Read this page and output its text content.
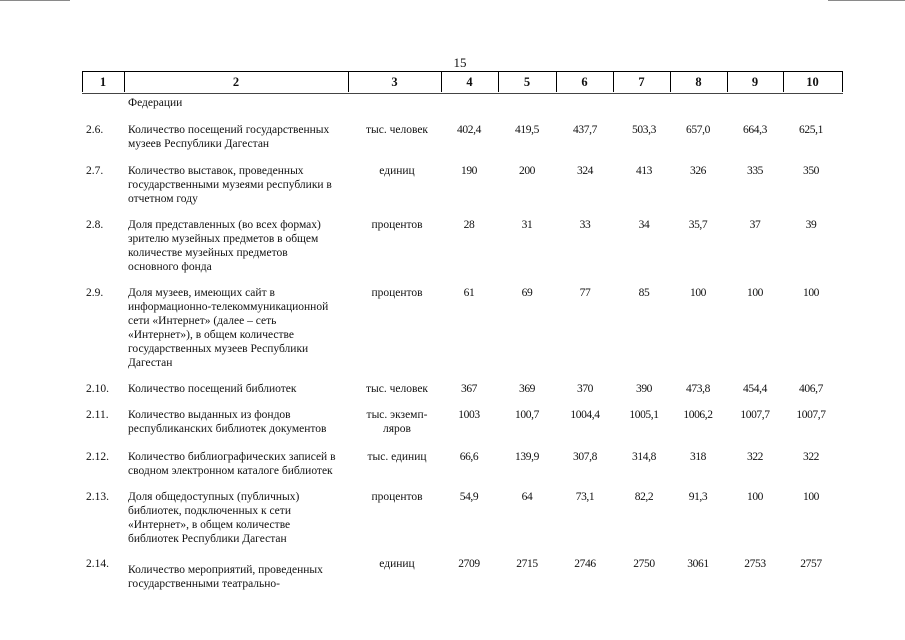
15
1	2	3	4	5	6	7	8	9	10
Федерации
2.6.	Количество посещений государственных
музеев Республики Дагестан
тыс. человек	402,4	419,5	437,7	503,3	657,0	664,3	625,1
2.7.	Количество выставок, проведенных
государственными музеями республики в
отчетном году
единиц	190	200	324	413	326	335	350
2.8.	Доля представленных (во всех формах)
зрителю музейных предметов в общем
количестве музейных предметов
основного фонда
процентов	28	31	33	34	35,7	37	39
2.9.	Доля музеев, имеющих сайт в
информационно-телекоммуникационной
сети «Интернет» (далее – сеть
«Интернет»), в общем количестве
государственных музеев Республики
Дагестан
процентов	61	69	77	85	100	100	100
2.10.	Количество посещений библиотек	тыс. человек	367	369	370	390	473,8	454,4	406,7
2.11.	Количество выданных из фондов
республиканских библиотек документов
тыс. экземп-
ляров
1003	100,7	1004,4	1005,1 1006,2 1007,7 1007,7
2.12.	Количество библиографических записей в
сводном электронном каталоге библиотек
тыс. единиц	66,6	139,9	307,8	314,8	318	322	322
2.13.	Доля общедоступных (публичных)
библиотек, подключенных к сети
«Интернет», в общем количестве
библиотек Республики Дагестан
процентов	54,9	64	73,1	82,2	91,3	100	100
2.14.	Количество мероприятий, проведенных
государственными театрально-
единиц	2709	2715	2746	2750	3061	2753	2757
